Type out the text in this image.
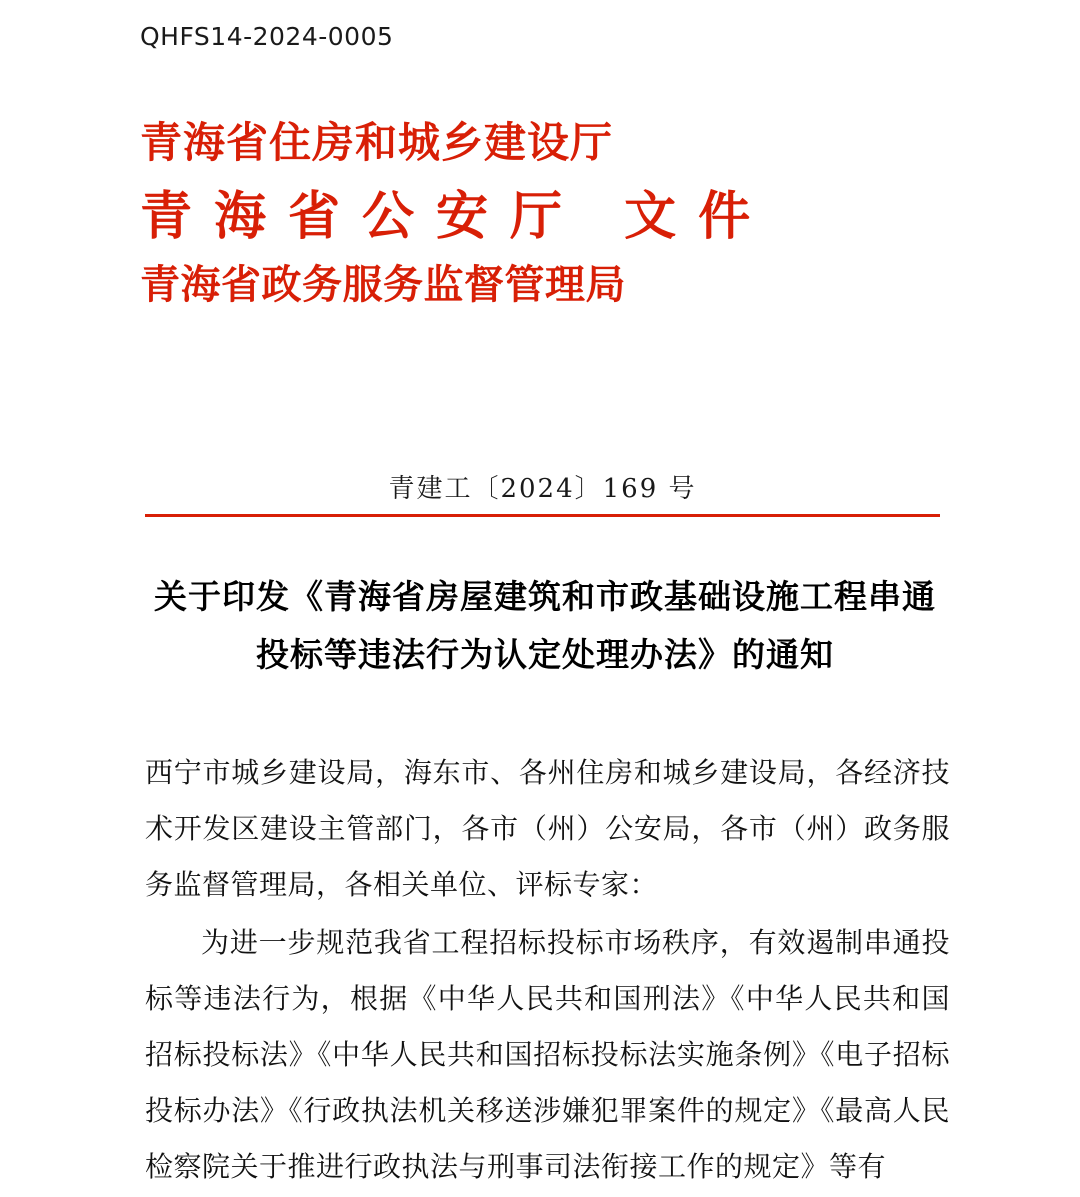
QHFS14-2024-0005
青海省住房和城乡建设厅
青海省公安厅 文件
青海省政务服务监督管理局
青建工〔2024〕169 号
关于印发《青海省房屋建筑和市政基础设施工程串通投标等违法行为认定处理办法》的通知

西宁市城乡建设局，海东市、各州住房和城乡建设局，各经济技术开发区建设主管部门，各市（州）公安局，各市（州）政务服务监督管理局，各相关单位、评标专家：

为进一步规范我省工程招标投标市场秩序，有效遏制串通投标等违法行为，根据《中华人民共和国刑法》《中华人民共和国招标投标法》《中华人民共和国招标投标法实施条例》《电子招标投标办法》《行政执法机关移送涉嫌犯罪案件的规定》《最高人民检察院关于推进行政执法与刑事司法衔接工作的规定》等有
